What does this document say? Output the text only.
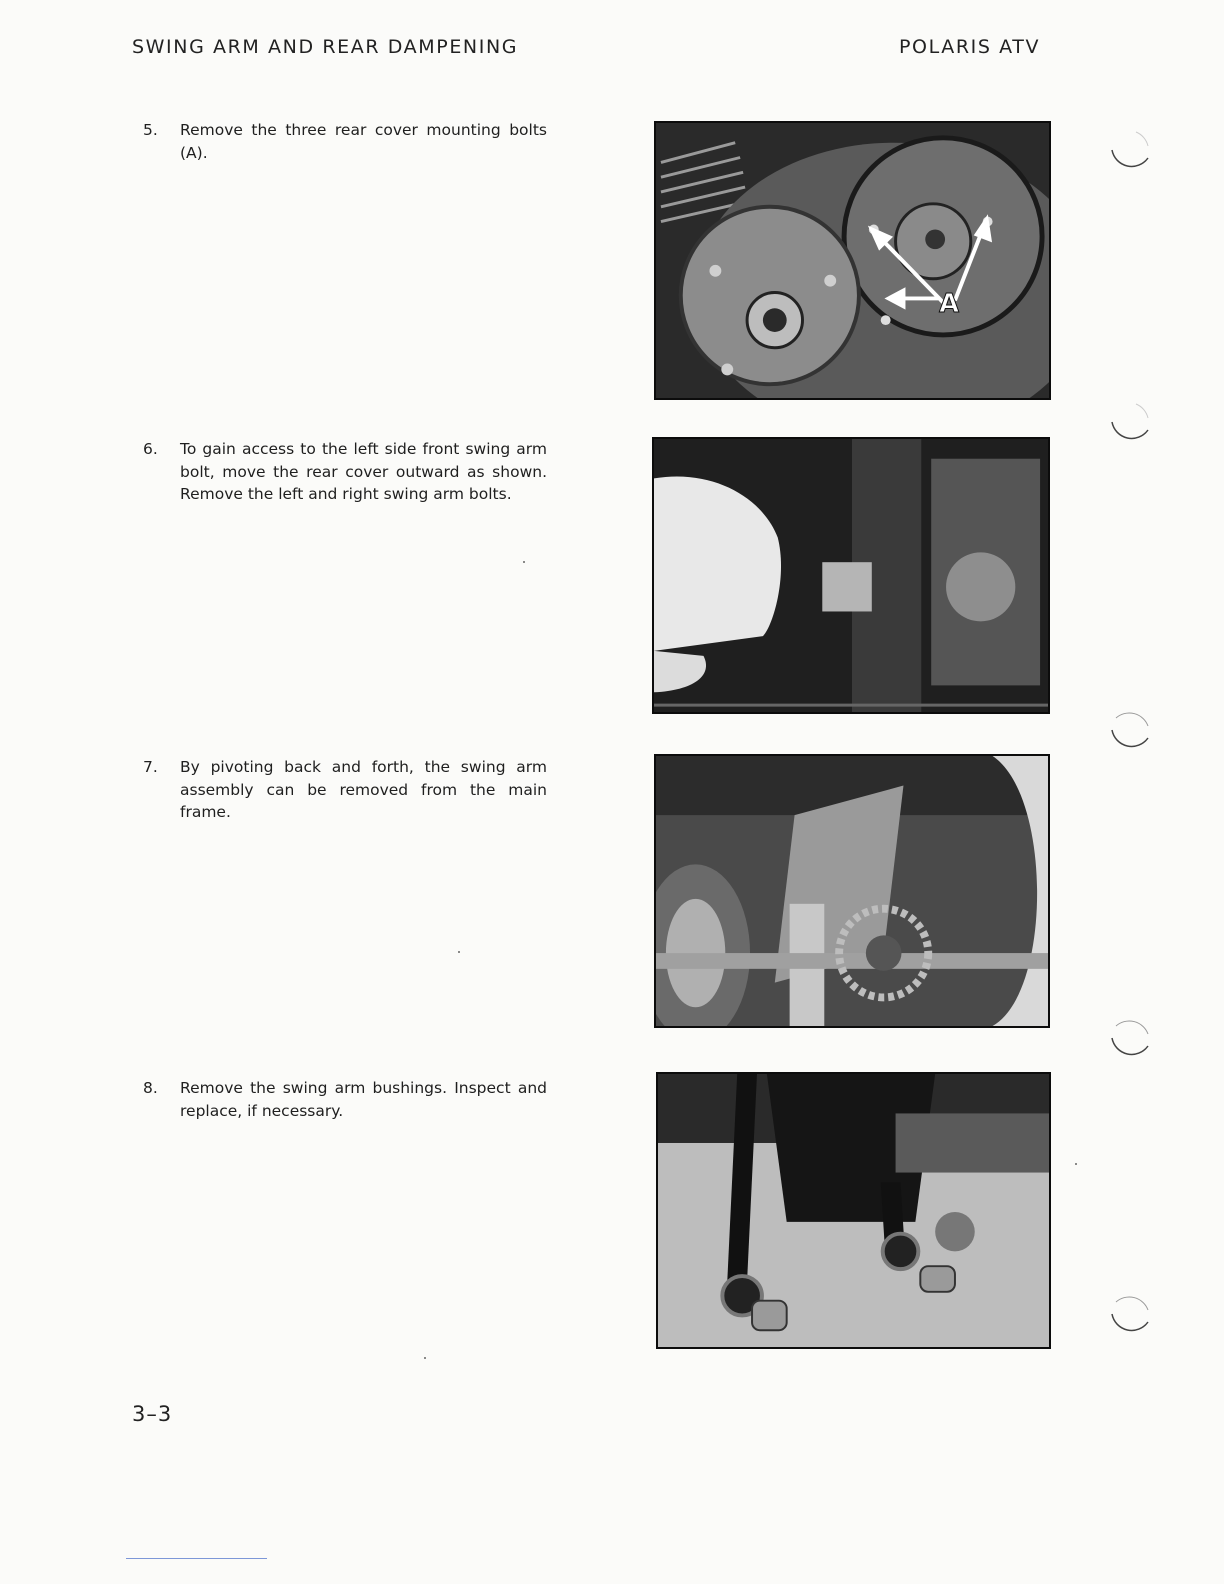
SWING ARM AND REAR DAMPENING	POLARIS ATV
5.	Remove the three rear cover mounting bolts (A).
6.	To gain access to the left side front swing arm bolt, move the rear cover outward as shown. Remove the left and right swing arm bolts.
7.	By pivoting back and forth, the swing arm assembly can be removed from the main frame.
8.	Remove the swing arm bushings. Inspect and replace, if necessary.
A
3–3
